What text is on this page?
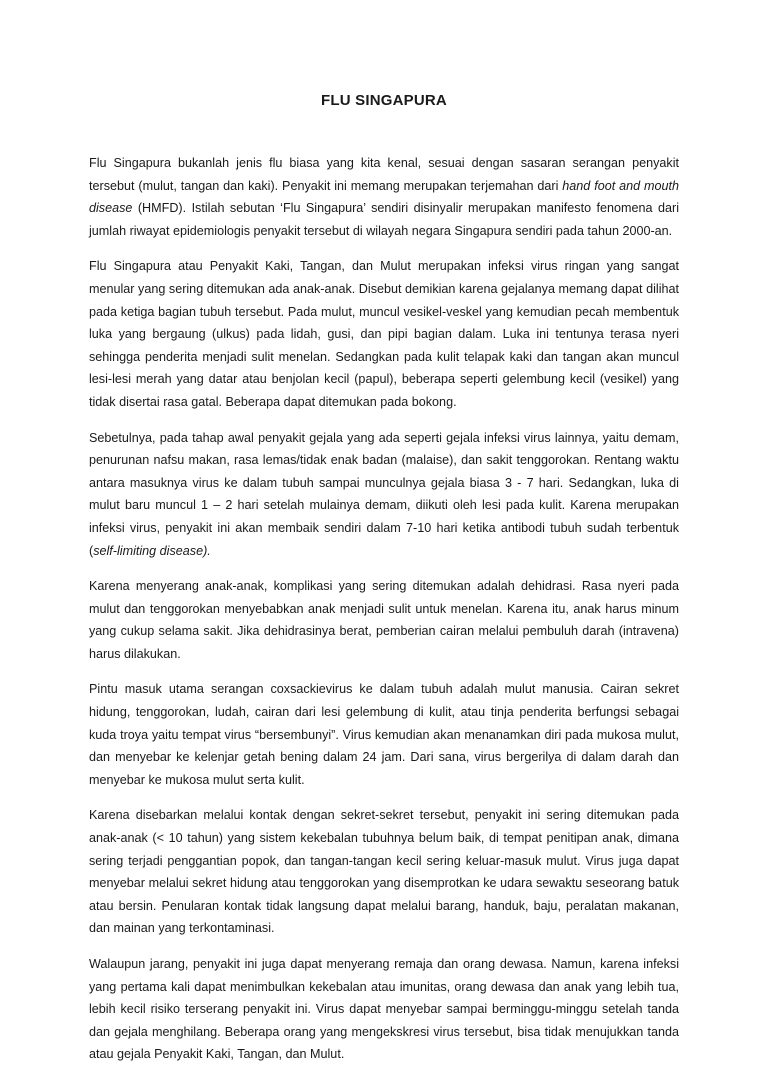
FLU SINGAPURA

Flu Singapura bukanlah jenis flu biasa yang kita kenal, sesuai dengan sasaran serangan penyakit tersebut (mulut, tangan dan kaki). Penyakit ini memang merupakan terjemahan dari hand foot and mouth disease (HMFD). Istilah sebutan ‘Flu Singapura’ sendiri disinyalir merupakan manifesto fenomena dari jumlah riwayat epidemiologis penyakit tersebut di wilayah negara Singapura sendiri pada tahun 2000-an.

Flu Singapura atau Penyakit Kaki, Tangan, dan Mulut merupakan infeksi virus ringan yang sangat menular yang sering ditemukan ada anak-anak. Disebut demikian karena gejalanya memang dapat dilihat pada ketiga bagian tubuh tersebut. Pada mulut, muncul vesikel-veskel yang kemudian pecah membentuk luka yang bergaung (ulkus) pada lidah, gusi, dan pipi bagian dalam. Luka ini tentunya terasa nyeri sehingga penderita menjadi sulit menelan. Sedangkan pada kulit telapak kaki dan tangan akan muncul lesi-lesi merah yang datar atau benjolan kecil (papul), beberapa seperti gelembung kecil (vesikel) yang tidak disertai rasa gatal. Beberapa dapat ditemukan pada bokong.

Sebetulnya, pada tahap awal penyakit gejala yang ada seperti gejala infeksi virus lainnya, yaitu demam, penurunan nafsu makan, rasa lemas/tidak enak badan (malaise), dan sakit tenggorokan. Rentang waktu antara masuknya virus ke dalam tubuh sampai munculnya gejala biasa 3 - 7 hari. Sedangkan, luka di mulut baru muncul 1 – 2 hari setelah mulainya demam, diikuti oleh lesi pada kulit. Karena merupakan infeksi virus, penyakit ini akan membaik sendiri dalam 7-10 hari ketika antibodi tubuh sudah terbentuk (self-limiting disease).

Karena menyerang anak-anak, komplikasi yang sering ditemukan adalah dehidrasi. Rasa nyeri pada mulut dan tenggorokan menyebabkan anak menjadi sulit untuk menelan. Karena itu, anak harus minum yang cukup selama sakit. Jika dehidrasinya berat, pemberian cairan melalui pembuluh darah (intravena) harus dilakukan.

Pintu masuk utama serangan coxsackievirus ke dalam tubuh adalah mulut manusia. Cairan sekret hidung, tenggorokan, ludah, cairan dari lesi gelembung di kulit, atau tinja penderita berfungsi sebagai kuda troya yaitu tempat virus “bersembunyi”. Virus kemudian akan menanamkan diri pada mukosa mulut, dan menyebar ke kelenjar getah bening dalam 24 jam. Dari sana, virus bergerilya di dalam darah dan menyebar ke mukosa mulut serta kulit.

Karena disebarkan melalui kontak dengan sekret-sekret tersebut, penyakit ini sering ditemukan pada anak-anak (< 10 tahun) yang sistem kekebalan tubuhnya belum baik, di tempat penitipan anak, dimana sering terjadi penggantian popok, dan tangan-tangan kecil sering keluar-masuk mulut. Virus juga dapat menyebar melalui sekret hidung atau tenggorokan yang disemprotkan ke udara sewaktu seseorang batuk atau bersin. Penularan kontak tidak langsung dapat melalui barang, handuk, baju, peralatan makanan, dan mainan yang terkontaminasi.

Walaupun jarang, penyakit ini juga dapat menyerang remaja dan orang dewasa. Namun, karena infeksi yang pertama kali dapat menimbulkan kekebalan atau imunitas, orang dewasa dan anak yang lebih tua, lebih kecil risiko terserang penyakit ini. Virus dapat menyebar sampai berminggu-minggu setelah tanda dan gejala menghilang. Beberapa orang yang mengekskresi virus tersebut, bisa tidak menujukkan tanda atau gejala Penyakit Kaki, Tangan, dan Mulut.
